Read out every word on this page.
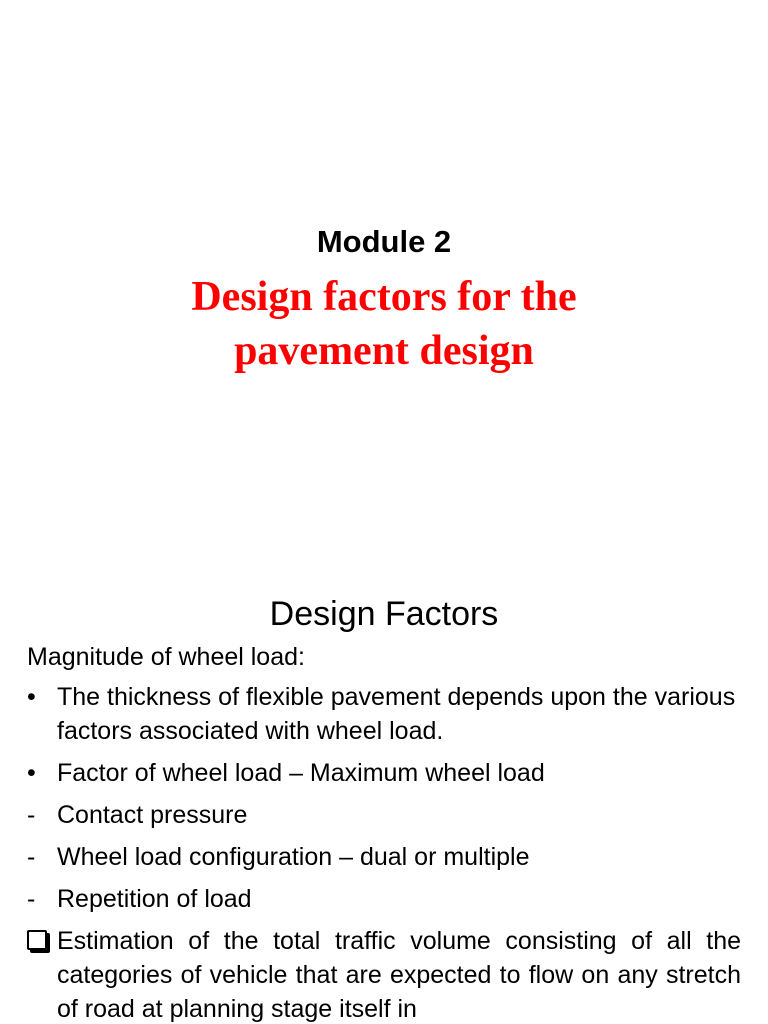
Module 2
Design factors for the
pavement design
Design Factors
Magnitude of wheel load:
• The thickness of flexible pavement depends upon the various factors associated with wheel load.
• Factor of wheel load – Maximum wheel load
- Contact pressure
- Wheel load configuration – dual or multiple
- Repetition of load
Estimation of the total traffic volume consisting of all the categories of vehicle that are expected to flow on any stretch of road at planning stage itself in
